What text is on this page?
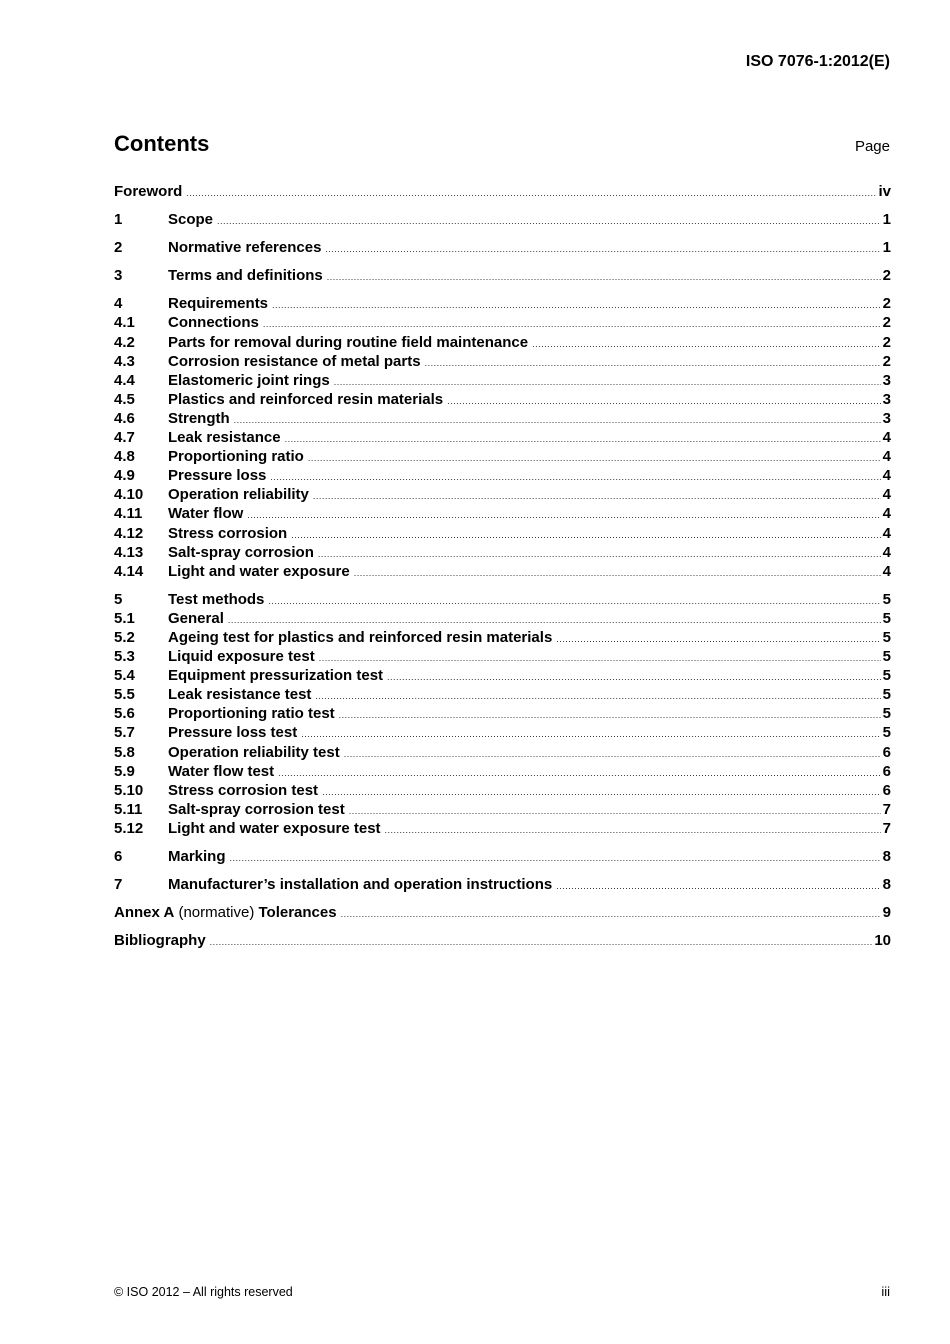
ISO 7076-1:2012(E)
Contents	Page
Foreword .....	iv
1	Scope .....	1
2	Normative references .....	1
3	Terms and definitions .....	2
4	Requirements .....	2
4.1	Connections .....	2
4.2	Parts for removal during routine field maintenance .....	2
4.3	Corrosion resistance of metal parts .....	2
4.4	Elastomeric joint rings .....	3
4.5	Plastics and reinforced resin materials .....	3
4.6	Strength .....	3
4.7	Leak resistance .....	4
4.8	Proportioning ratio .....	4
4.9	Pressure loss .....	4
4.10	Operation reliability .....	4
4.11	Water flow .....	4
4.12	Stress corrosion .....	4
4.13	Salt-spray corrosion .....	4
4.14	Light and water exposure .....	4
5	Test methods .....	5
5.1	General .....	5
5.2	Ageing test for plastics and reinforced resin materials .....	5
5.3	Liquid exposure test .....	5
5.4	Equipment pressurization test .....	5
5.5	Leak resistance test .....	5
5.6	Proportioning ratio test .....	5
5.7	Pressure loss test .....	5
5.8	Operation reliability test .....	6
5.9	Water flow test .....	6
5.10	Stress corrosion test .....	6
5.11	Salt-spray corrosion test .....	7
5.12	Light and water exposure test .....	7
6	Marking .....	8
7	Manufacturer’s installation and operation instructions .....	8
Annex A (normative) Tolerances .....	9
Bibliography .....	10
© ISO 2012 – All rights reserved	iii
